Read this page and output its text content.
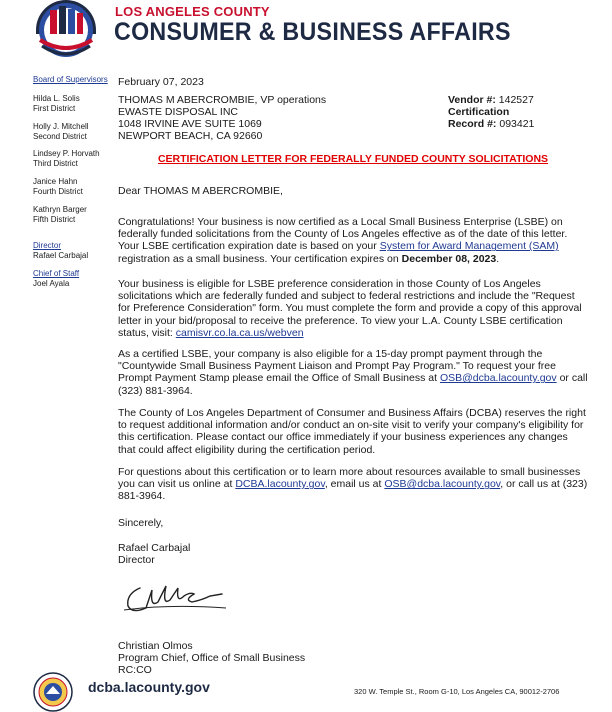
LOS ANGELES COUNTY
CONSUMER & BUSINESS AFFAIRS
Board of Supervisors
Hilda L. Solis
First District
Holly J. Mitchell
Second District
Lindsey P. Horvath
Third District
Janice Hahn
Fourth District
Kathryn Barger
Fifth District
Director
Rafael Carbajal
Chief of Staff
Joel Ayala
February 07, 2023
THOMAS M ABERCROMBIE, VP operations
EWASTE DISPOSAL INC
1048 IRVINE AVE SUITE 1069
NEWPORT BEACH, CA 92660
Vendor #: 142527
Certification
Record #: 093421
CERTIFICATION LETTER FOR FEDERALLY FUNDED COUNTY SOLICITATIONS
Dear THOMAS M ABERCROMBIE,
Congratulations! Your business is now certified as a Local Small Business Enterprise (LSBE) on federally funded solicitations from the County of Los Angeles effective as of the date of this letter. Your LSBE certification expiration date is based on your System for Award Management (SAM) registration as a small business. Your certification expires on December 08, 2023.
Your business is eligible for LSBE preference consideration in those County of Los Angeles solicitations which are federally funded and subject to federal restrictions and include the "Request for Preference Consideration" form. You must complete the form and provide a copy of this approval letter in your bid/proposal to receive the preference. To view your L.A. County LSBE certification status, visit: camisvr.co.la.ca.us/webven
As a certified LSBE, your company is also eligible for a 15-day prompt payment through the "Countywide Small Business Payment Liaison and Prompt Pay Program." To request your free Prompt Payment Stamp please email the Office of Small Business at OSB@dcba.lacounty.gov or call (323) 881-3964.
The County of Los Angeles Department of Consumer and Business Affairs (DCBA) reserves the right to request additional information and/or conduct an on-site visit to verify your company's eligibility for this certification. Please contact our office immediately if your business experiences any changes that could affect eligibility during the certification period.
For questions about this certification or to learn more about resources available to small businesses you can visit us online at DCBA.lacounty.gov, email us at OSB@dcba.lacounty.gov, or call us at (323) 881-3964.
Sincerely,
Rafael Carbajal
Director
Christian Olmos
Program Chief, Office of Small Business
RC:CO
dcba.lacounty.gov	320 W. Temple St., Room G-10, Los Angeles CA, 90012-2706
